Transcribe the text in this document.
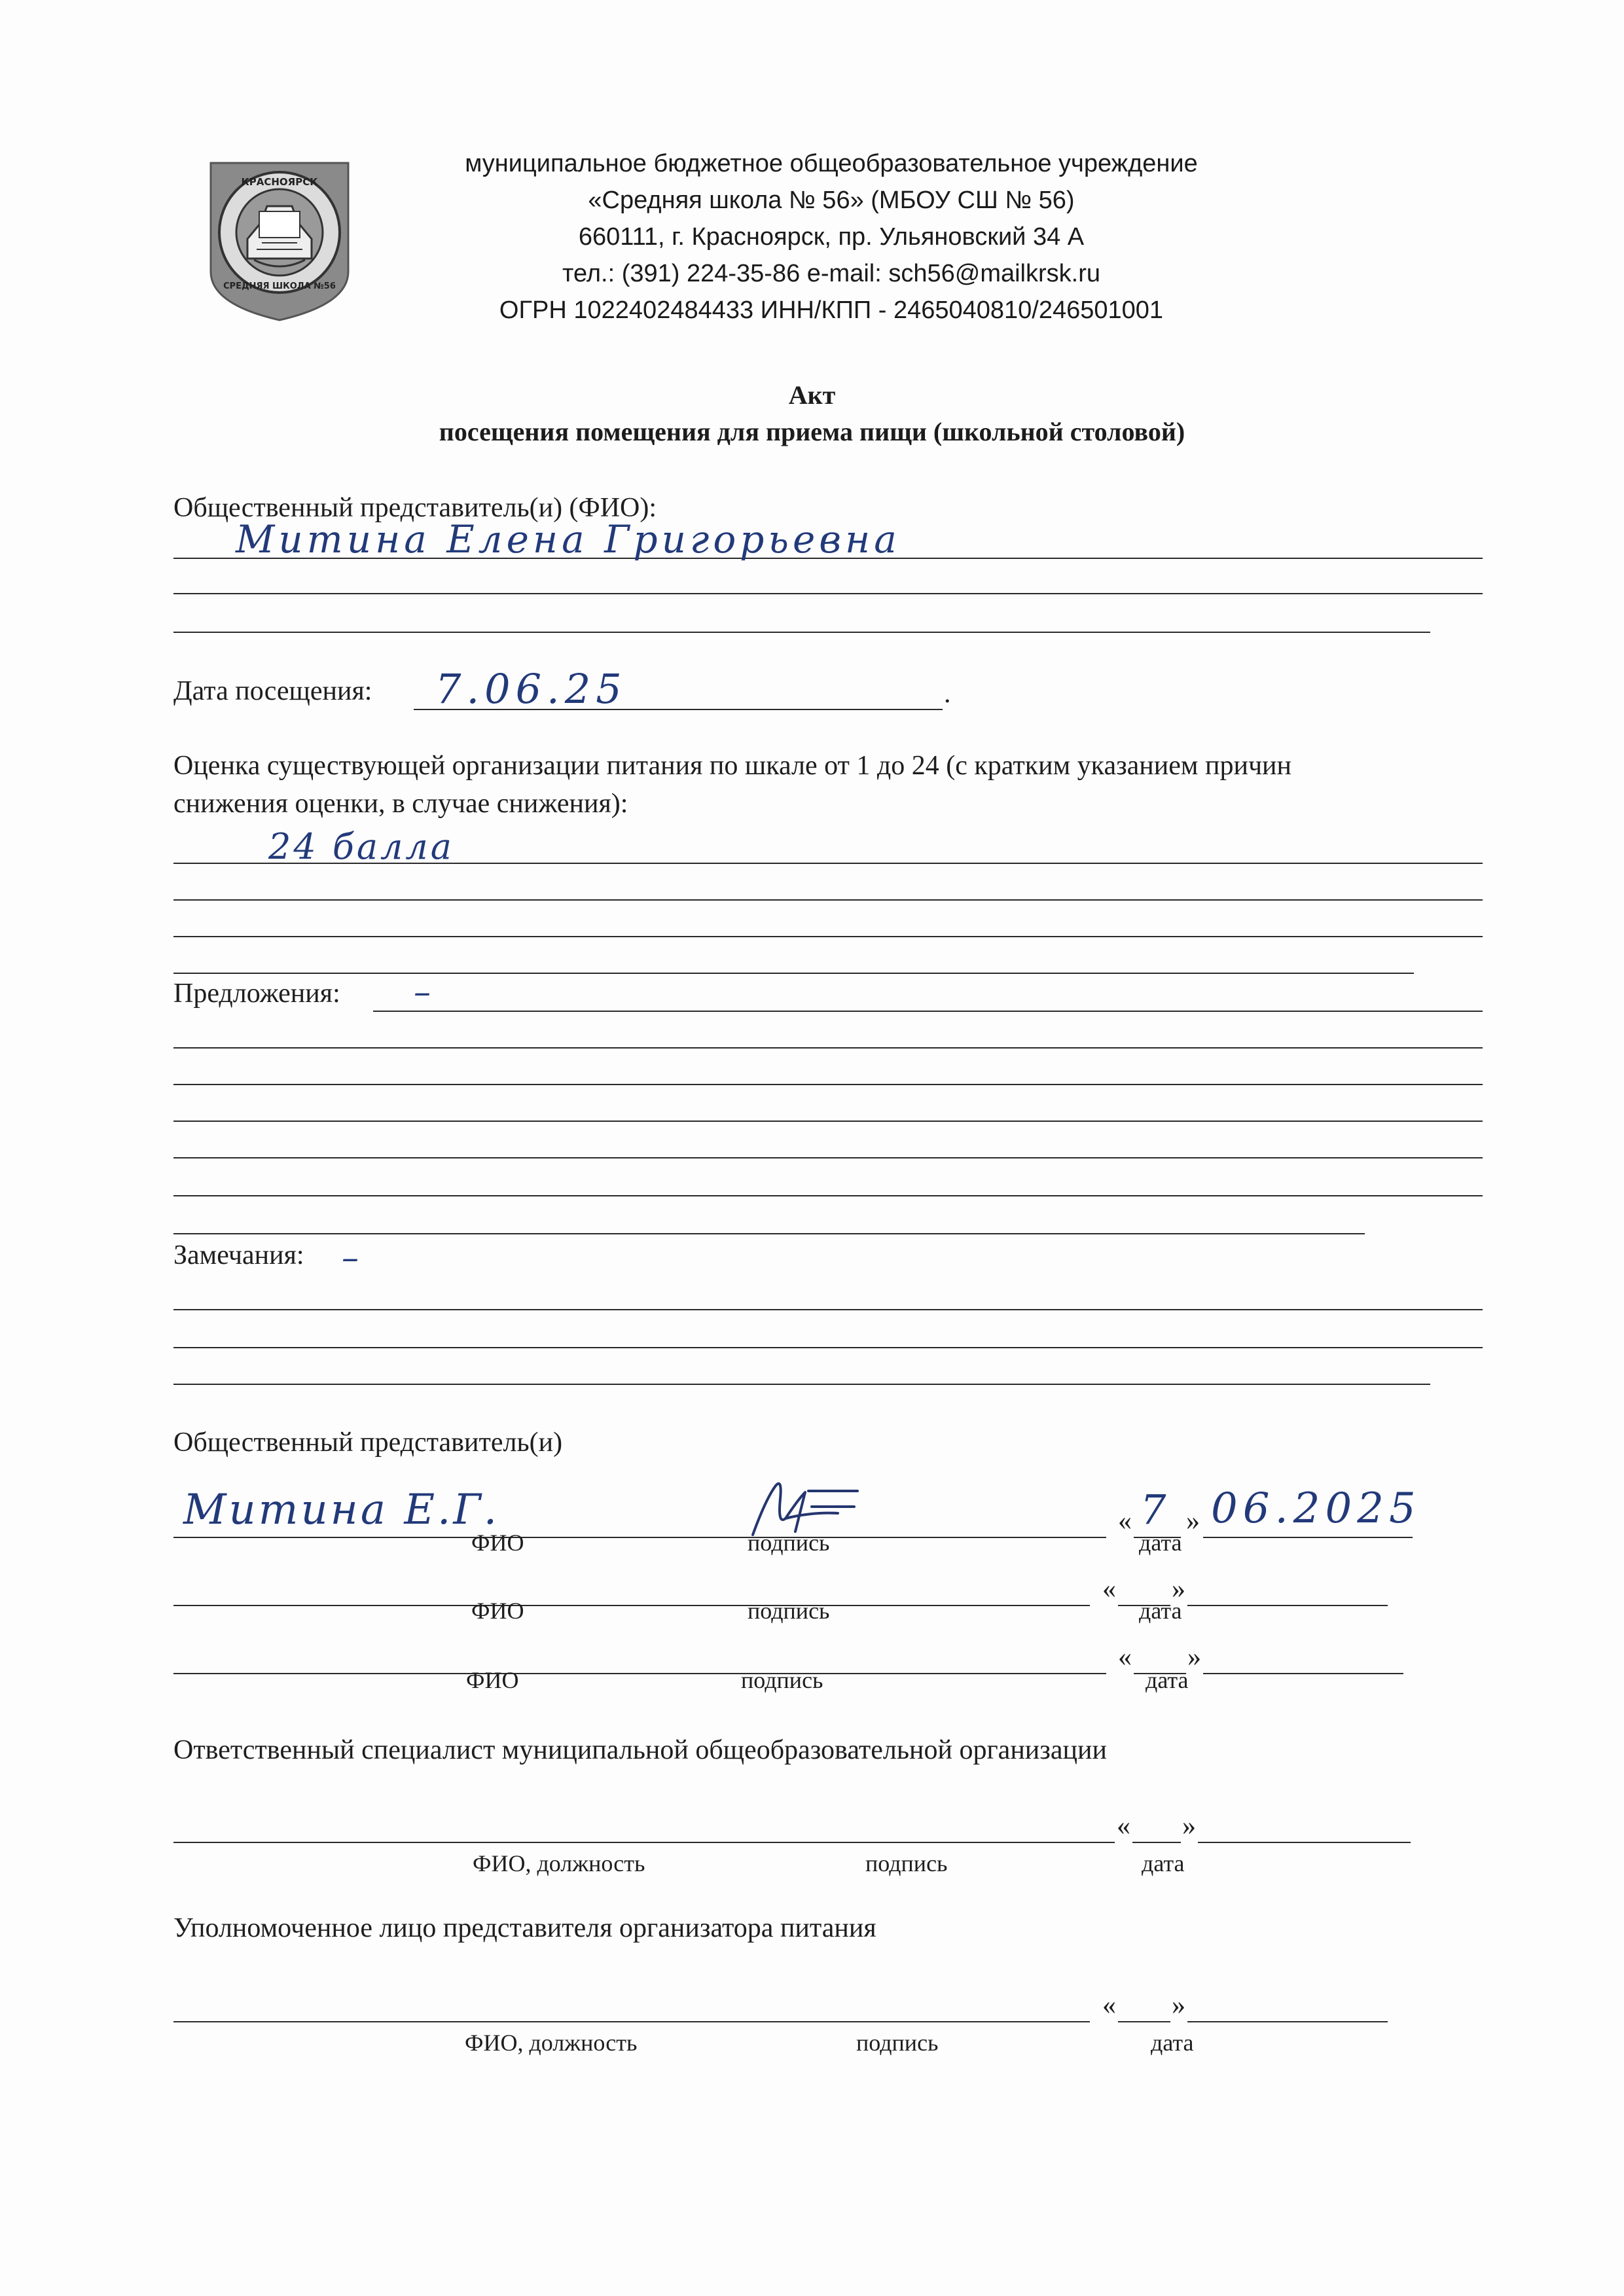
КРАСНОЯРСК
СРЕДНЯЯ ШКОЛА №56
муниципальное бюджетное общеобразовательное учреждение
«Средняя школа № 56» (МБОУ СШ № 56)
660111, г. Красноярск, пр. Ульяновский 34 А
тел.: (391) 224-35-86 e-mail: sch56@mailkrsk.ru
ОГРН 1022402484433 ИНН/КПП - 2465040810/246501001
Акт
посещения помещения для приема пищи (школьной столовой)
Общественный представитель(и) (ФИО):
Митина Елена Григорьевна
Дата посещения:	.
7.06.25
Оценка существующей организации питания по шкале от 1 до 24 (с кратким указанием причин
снижения оценки, в случае снижения):
24 балла
Предложения: –
Замечания: –
Общественный представитель(и)
« »
Митина Е.Г.	7 06.2025
ФИО	подпись	дата
« »
ФИО	подпись	дата
« »
ФИО	подпись	дата
Ответственный специалист муниципальной общеобразовательной организации
« »
ФИО, должность	подпись	дата
Уполномоченное лицо представителя организатора питания
« »
ФИО, должность	подпись	дата
